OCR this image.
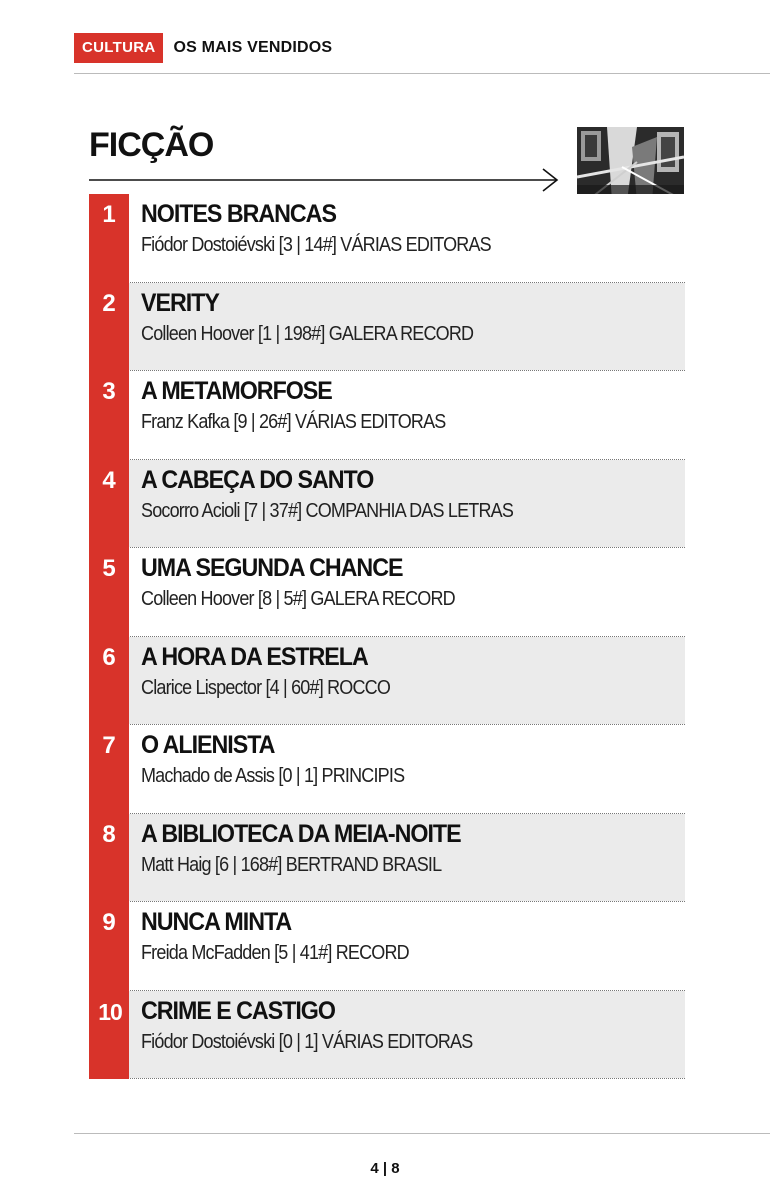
CULTURA	OS MAIS VENDIDOS
FICÇÃO
1	NOITES BRANCAS
Fiódor Dostoiévski [3 | 14#] VÁRIAS EDITORAS
2	VERITY
Colleen Hoover [1 | 198#] GALERA RECORD
3	A METAMORFOSE
Franz Kafka [9 | 26#] VÁRIAS EDITORAS
4	A CABEÇA DO SANTO
Socorro Acioli [7 | 37#] COMPANHIA DAS LETRAS
5	UMA SEGUNDA CHANCE
Colleen Hoover [8 | 5#] GALERA RECORD
6	A HORA DA ESTRELA
Clarice Lispector [4 | 60#] ROCCO
7	O ALIENISTA
Machado de Assis [0 | 1] PRINCIPIS
8	A BIBLIOTECA DA MEIA-NOITE
Matt Haig [6 | 168#] BERTRAND BRASIL
9	NUNCA MINTA
Freida McFadden [5 | 41#] RECORD
10 CRIME E CASTIGO
Fiódor Dostoiévski [0 | 1] VÁRIAS EDITORAS
4 | 8
